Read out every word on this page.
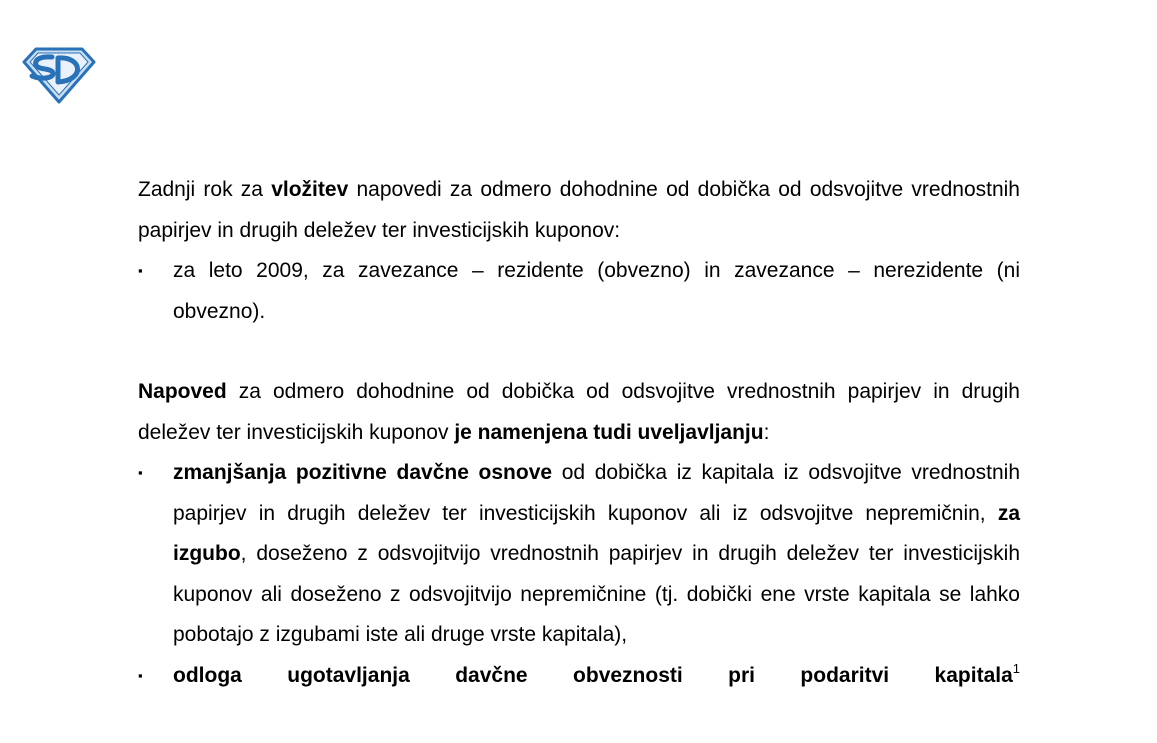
Zadnji rok za vložitev napovedi za odmero dohodnine od dobička od odsvojitve vrednostnih papirjev in drugih deležev ter investicijskih kuponov:

▪ za leto 2009, za zavezance – rezidente (obvezno) in zavezance – nerezidente (ni obvezno).

Napoved za odmero dohodnine od dobička od odsvojitve vrednostnih papirjev in drugih deležev ter investicijskih kuponov je namenjena tudi uveljavljanju:

▪ zmanjšanja pozitivne davčne osnove od dobička iz kapitala iz odsvojitve vrednostnih papirjev in drugih deležev ter investicijskih kuponov ali iz odsvojitve nepremičnin, za izgubo, doseženo z odsvojitvijo vrednostnih papirjev in drugih deležev ter investicijskih kuponov ali doseženo z odsvojitvijo nepremičnine (tj. dobički ene vrste kapitala se lahko pobotajo z izgubami iste ali druge vrste kapitala),
▪ odloga ugotavljanja davčne obveznosti pri podaritvi kapitala$^1$
